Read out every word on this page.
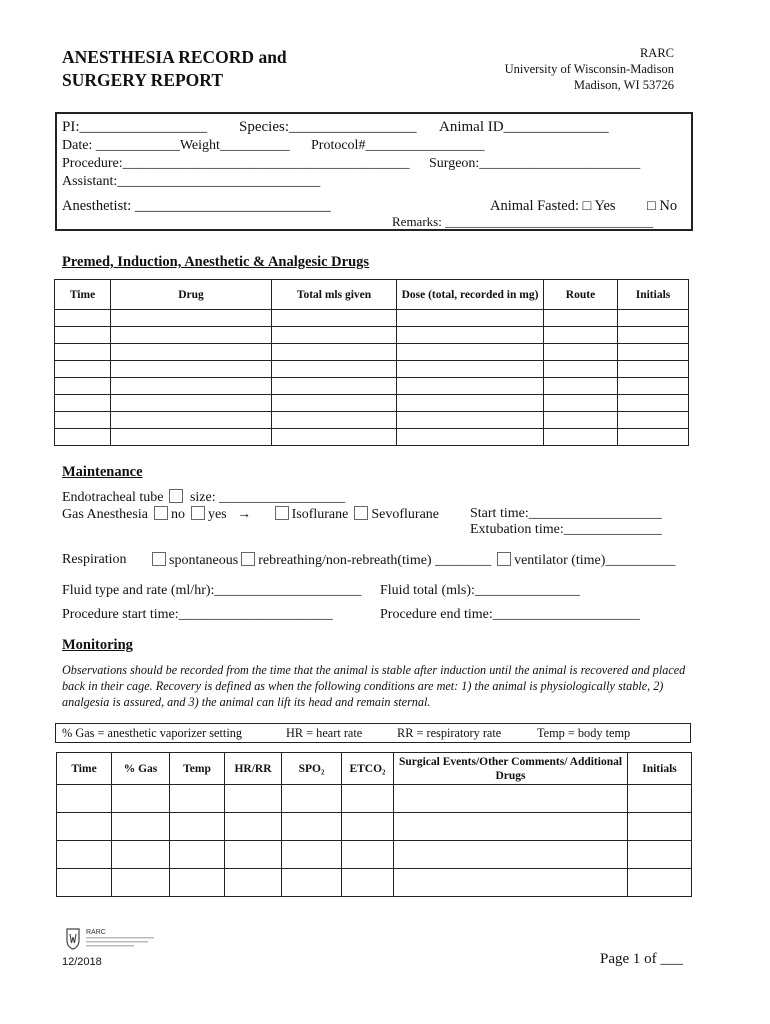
ANESTHESIA RECORD and
SURGERY REPORT
RARC
University of Wisconsin-Madison
Madison, WI 53726
PI:_________________ Species:_________________ Animal ID______________
Date: ____________Weight__________ Protocol#_________________
Procedure:_________________________________________ Surgeon:_______________________
Assistant:_____________________________
Anesthetist: ___________________________	Animal Fasted: □ Yes □ No
Remarks: ________________________________
Premed, Induction, Anesthetic & Analgesic Drugs
Time	Drug	Total mls given	Dose (total, recorded in mg)	Route	Initials

Maintenance
Endotracheal tube size: __________________
Gas Anesthesia no yes →	Isoflurane Sevoflurane Start time:___________________
Extubation time:______________
Respiration	spontaneous rebreathing/non-rebreath(time) ________ ventilator (time)__________
Fluid type and rate (ml/hr):_____________________ Fluid total (mls):_______________
Procedure start time:______________________	Procedure end time:_____________________
Monitoring
Observations should be recorded from the time that the animal is stable after induction until the animal is recovered and placed back in their cage. Recovery is defined as when the following conditions are met: 1) the animal is physiologically stable, 2) analgesia is assured, and 3) the animal can lift its head and remain sternal.
% Gas = anesthetic vaporizer setting	HR = heart rate	RR = respiratory rate	Temp = body temp
Time	% Gas	Temp	HR/RR	SPO₂	ETCO₂	Surgical Events/Other Comments/ Additional Drugs	Initials

RARC
12/2018	Page 1 of ___
